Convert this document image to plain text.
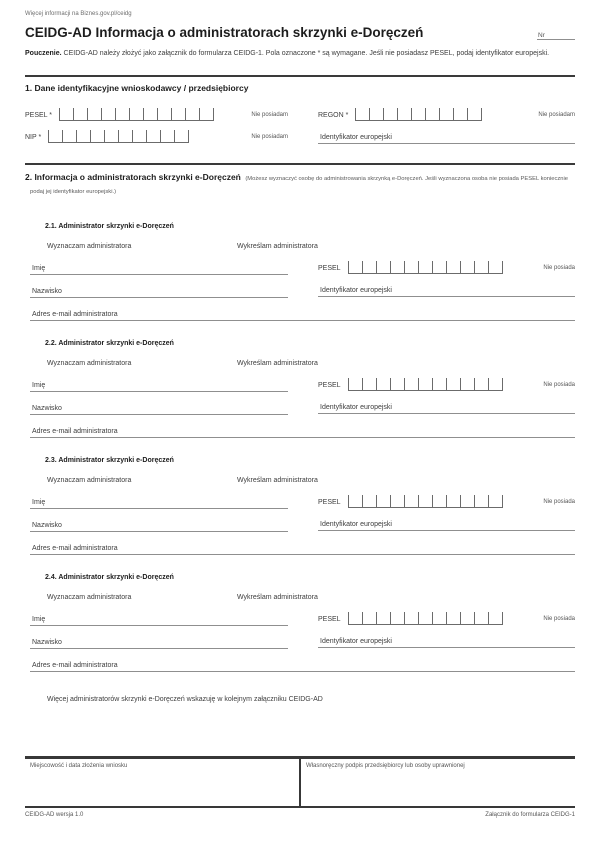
Więcej informacji na Biznes.gov.pl/ceidg
CEIDG-AD Informacja o administratorach skrzynki e-Doręczeń	Nr

Pouczenie. CEIDG-AD należy złożyć jako załącznik do formularza CEIDG-1. Pola oznaczone * są wymagane. Jeśli nie posiadasz PESEL, podaj identyfikator europejski.

1. Dane identyfikacyjne wnioskodawcy / przedsiębiorcy
PESEL *	Nie posiadam
NIP *	Nie posiadam
REGON *	Nie posiadam
Identyfikator europejski

2. Informacja o administratorach skrzynki e-Doręczeń (Możesz wyznaczyć osobę do administrowania skrzynką e-Doręczeń. Jeśli wyznaczona osoba nie posiada PESEL koniecznie podaj jej identyfikator europejski.)

2.1. Administrator skrzynki e-Doręczeń
Wyznaczam administratora	Wykreślam administratora
Imię
Nazwisko
PESEL	Nie posiada
Identyfikator europejski
Adres e-mail administratora
2.2. Administrator skrzynki e-Doręczeń
Wyznaczam administratora	Wykreślam administratora
Imię
Nazwisko
PESEL	Nie posiada
Identyfikator europejski
Adres e-mail administratora
2.3. Administrator skrzynki e-Doręczeń
Wyznaczam administratora	Wykreślam administratora
Imię
Nazwisko
PESEL	Nie posiada
Identyfikator europejski
Adres e-mail administratora
2.4. Administrator skrzynki e-Doręczeń
Wyznaczam administratora	Wykreślam administratora
Imię
Nazwisko
PESEL	Nie posiada
Identyfikator europejski
Adres e-mail administratora
Więcej administratorów skrzynki e-Doręczeń wskazuję w kolejnym załączniku CEIDG-AD
Miejscowość i data złożenia wniosku	Własnoręczny podpis przedsiębiorcy lub osoby uprawnionej
CEIDG-AD wersja 1.0	Załącznik do formularza CEIDG-1
